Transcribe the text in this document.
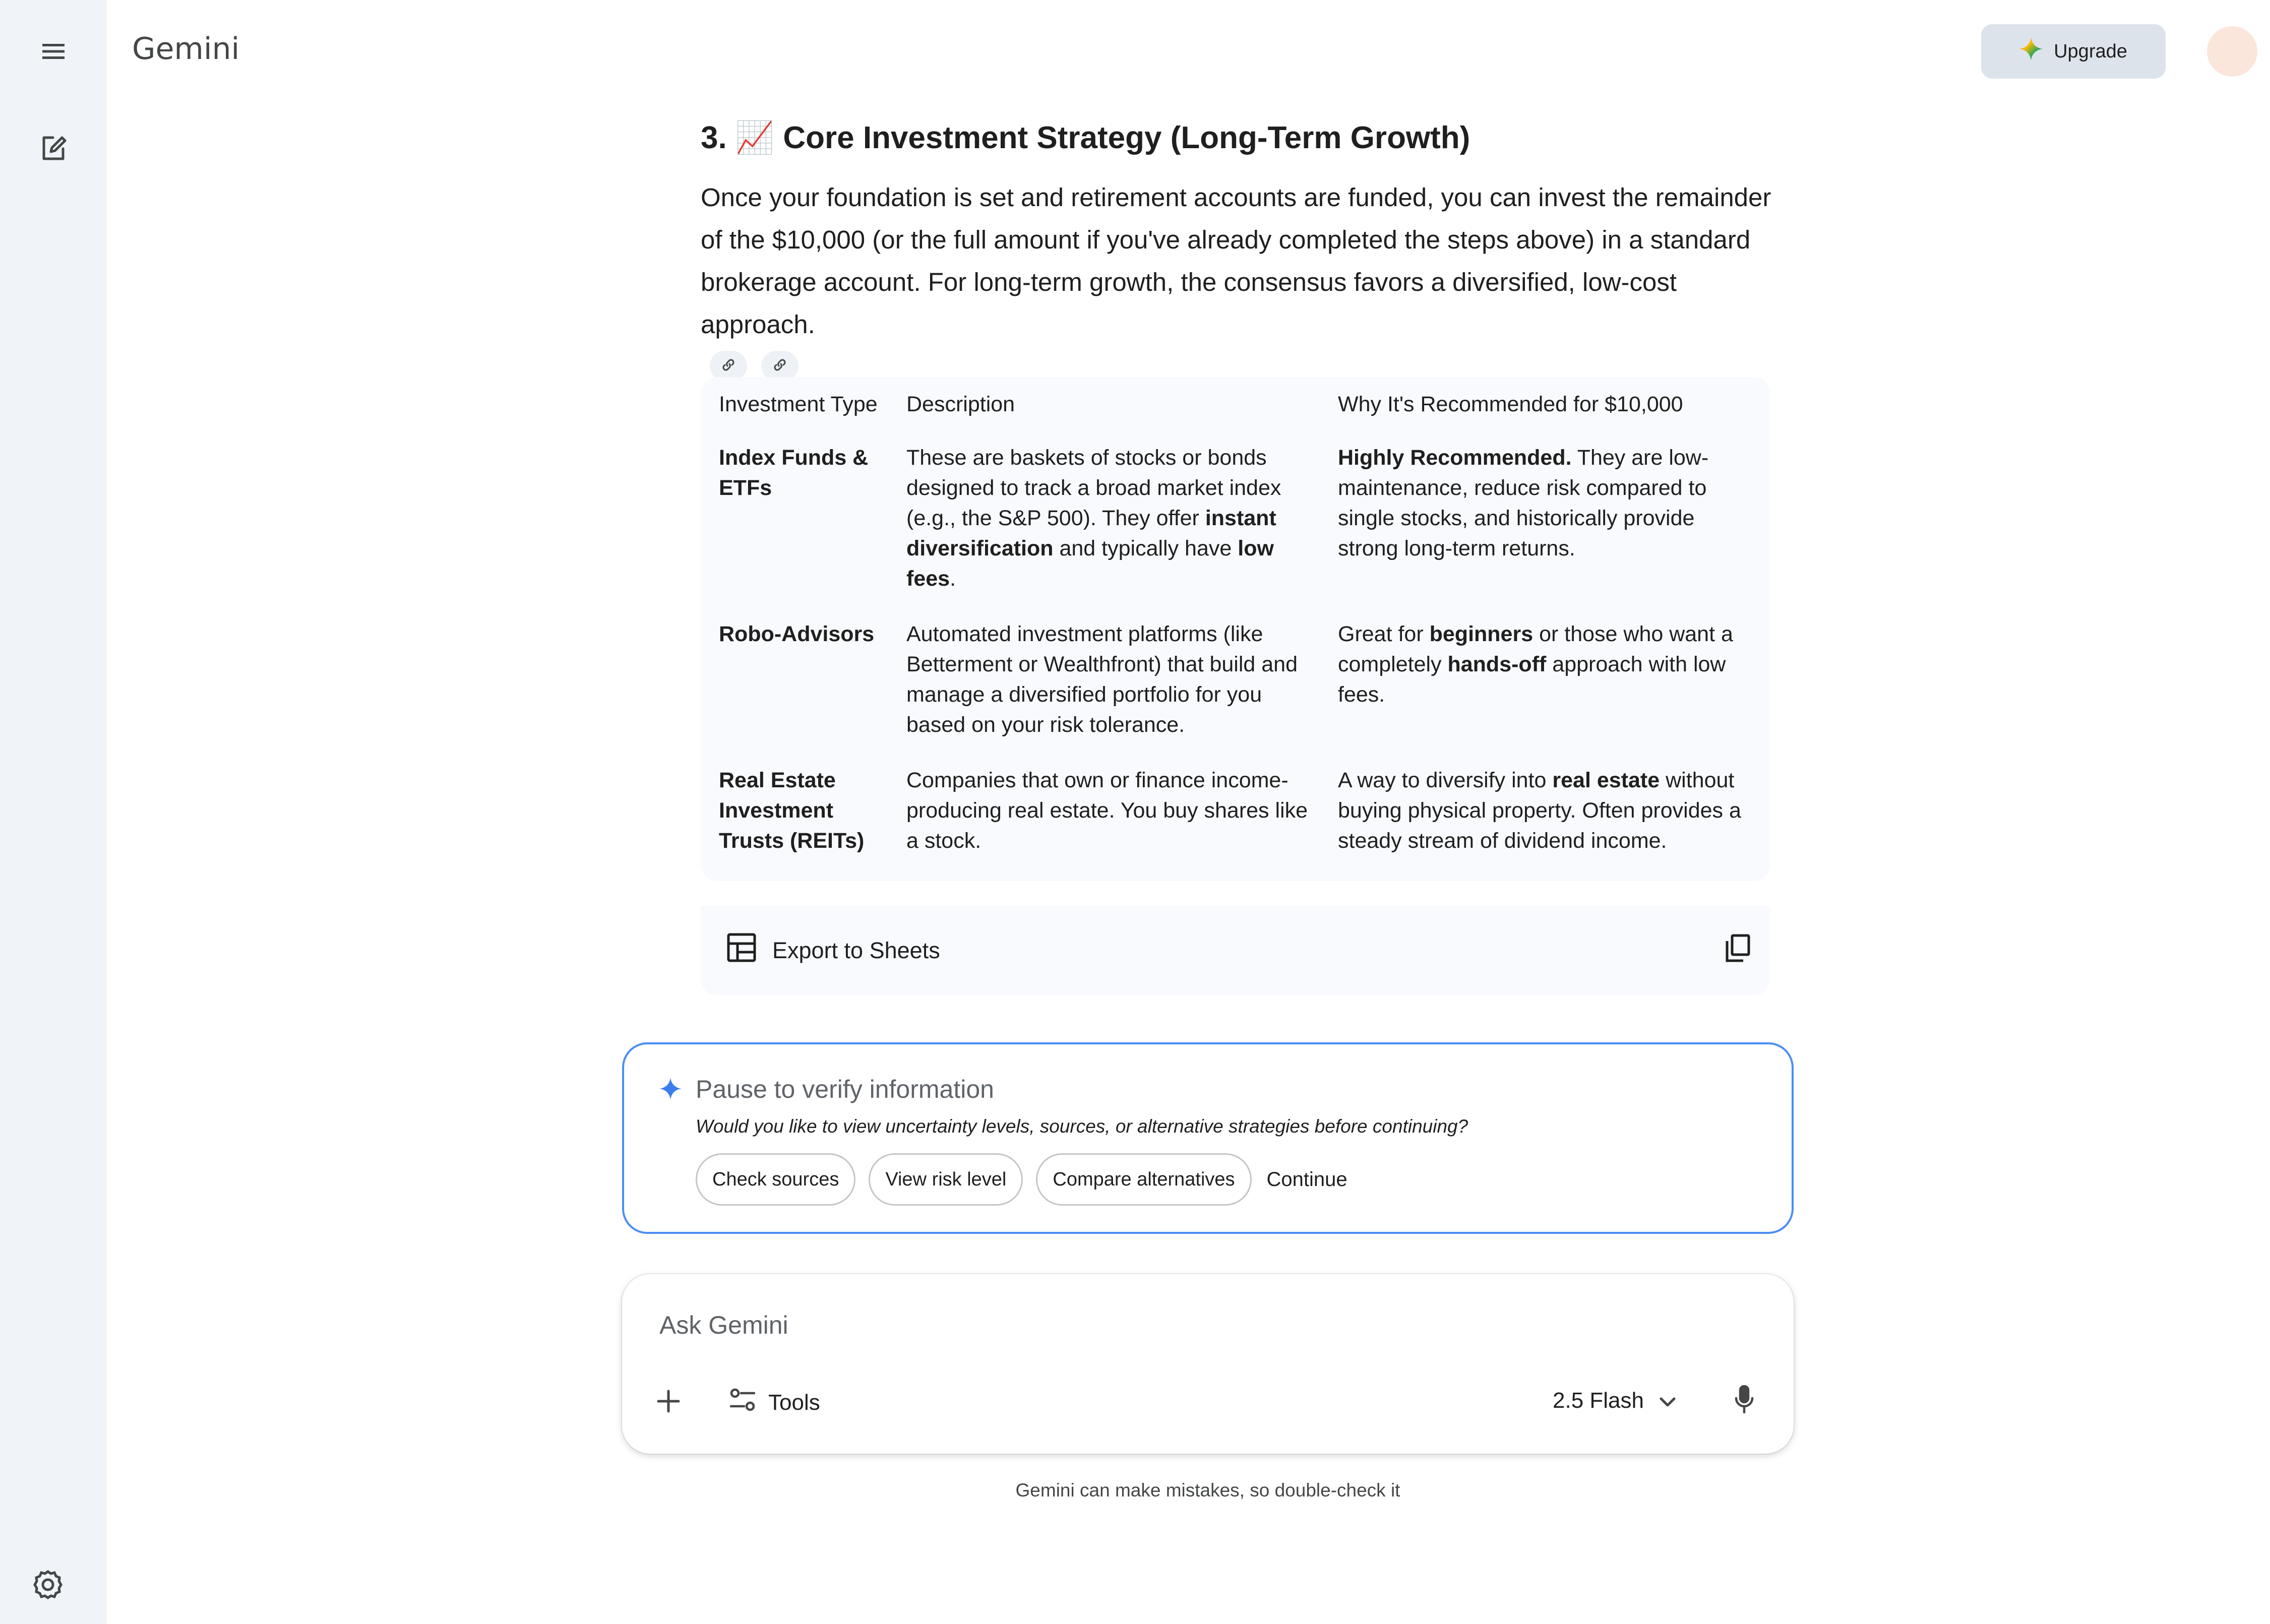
Gemini	Upgrade
3. 📈 Core Investment Strategy (Long-Term Growth)
Once your foundation is set and retirement accounts are funded, you can invest the remainder of the $10,000 (or the full amount if you've already completed the steps above) in a standard brokerage account. For long-term growth, the consensus favors a diversified, low-cost approach.
Investment Type	Description	Why It's Recommended for $10,000
Index Funds & ETFs	These are baskets of stocks or bonds designed to track a broad market index (e.g., the S&P 500). They offer instant diversification and typically have low fees.	Highly Recommended. They are low-maintenance, reduce risk compared to single stocks, and historically provide strong long-term returns.
Robo-Advisors	Automated investment platforms (like Betterment or Wealthfront) that build and manage a diversified portfolio for you based on your risk tolerance.	Great for beginners or those who want a completely hands-off approach with low fees.
Real Estate Investment Trusts (REITs)	Companies that own or finance income-producing real estate. You buy shares like a stock.	A way to diversify into real estate without buying physical property. Often provides a steady stream of dividend income.
Export to Sheets
Pause to verify information
Would you like to view uncertainty levels, sources, or alternative strategies before continuing?
Check sources	View risk level	Compare alternatives	Continue
Ask Gemini
Tools	2.5 Flash
Gemini can make mistakes, so double-check it
